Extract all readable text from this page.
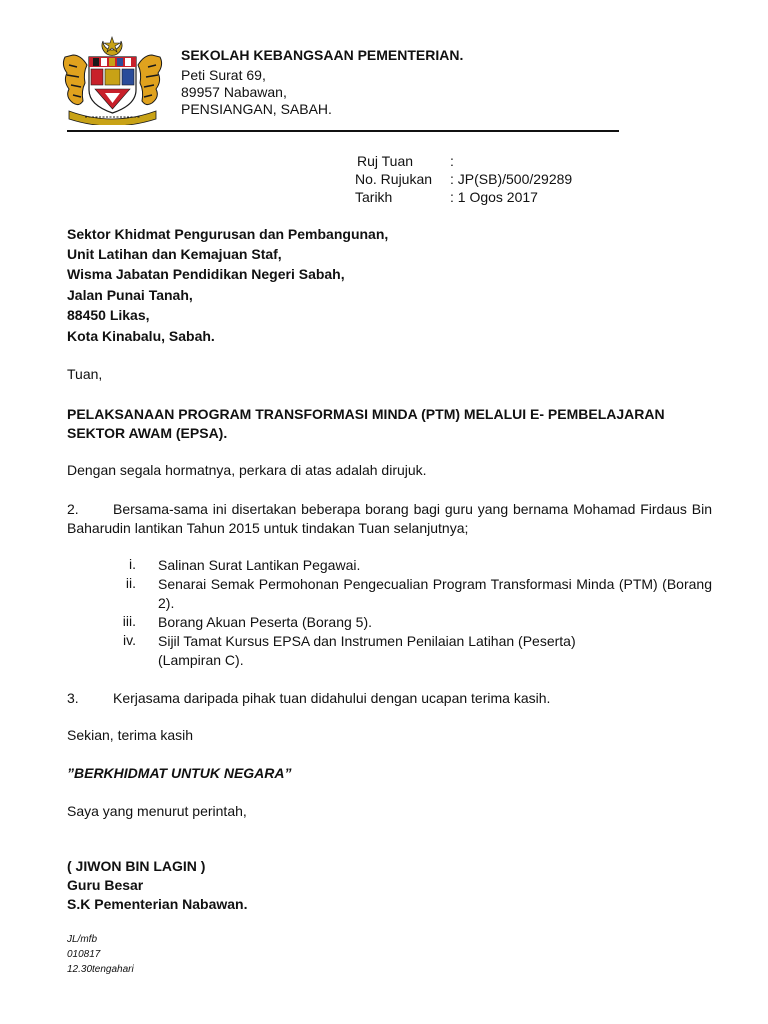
SEKOLAH KEBANGSAAN PEMENTERIAN.
Peti Surat 69,
89957 Nabawan,
PENSIANGAN, SABAH.
Ruj Tuan	:
No. Rujukan : JP(SB)/500/29289
Tarikh	: 1 Ogos 2017
Sektor Khidmat Pengurusan dan Pembangunan,
Unit Latihan dan Kemajuan Staf,
Wisma Jabatan Pendidikan Negeri Sabah,
Jalan Punai Tanah,
88450 Likas,
Kota Kinabalu, Sabah.
Tuan,
PELAKSANAAN PROGRAM TRANSFORMASI MINDA (PTM) MELALUI E- PEMBELAJARAN
SEKTOR AWAM (EPSA).
Dengan segala hormatnya, perkara di atas adalah dirujuk.
2. Bersama-sama ini disertakan beberapa borang bagi guru yang bernama Mohamad Firdaus Bin
Baharudin lantikan Tahun 2015 untuk tindakan Tuan selanjutnya;
i. Salinan Surat Lantikan Pegawai.
ii. Senarai Semak Permohonan Pengecualian Program Transformasi Minda (PTM) (Borang
2).
iii. Borang Akuan Peserta (Borang 5).
iv. Sijil Tamat Kursus EPSA dan Instrumen Penilaian Latihan (Peserta)
(Lampiran C).
3. Kerjasama daripada pihak tuan didahului dengan ucapan terima kasih.
Sekian, terima kasih
”BERKHIDMAT UNTUK NEGARA”
Saya yang menurut perintah,
( JIWON BIN LAGIN )
Guru Besar
S.K Pementerian Nabawan.
JL/mfb
010817
12.30tengahari
